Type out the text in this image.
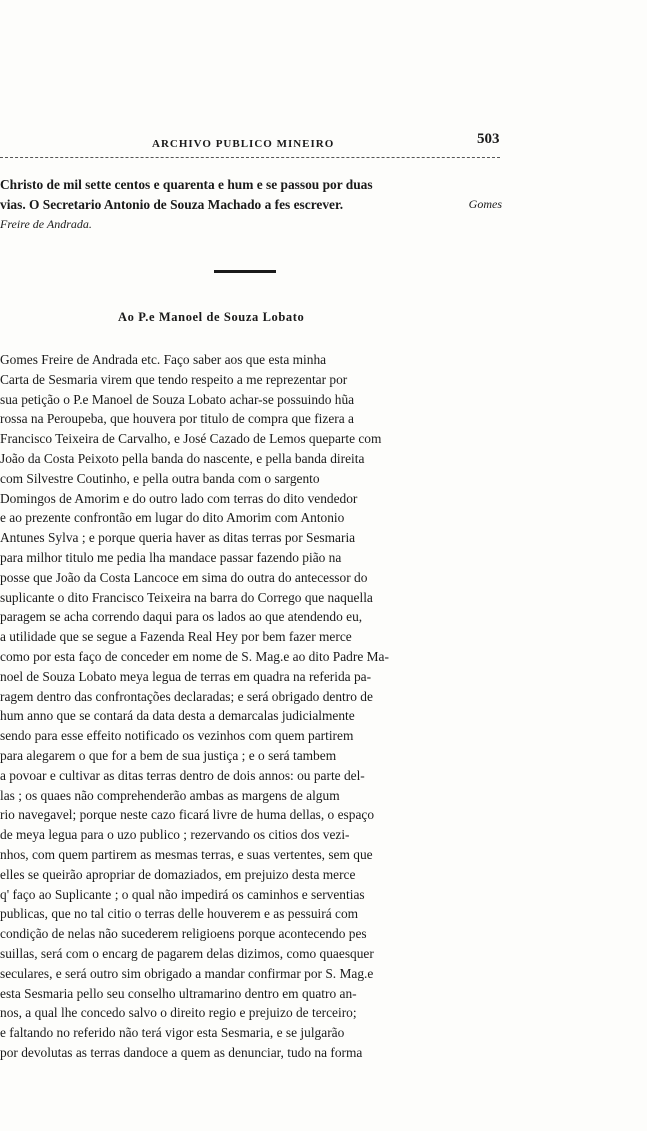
ARCHIVO PUBLICO MINEIRO	503
Christo de mil sette centos e quarenta e hum e se passou por duas
vias. O Secretario Antonio de Souza Machado a fes escrever.	Gomes
Freire de Andrada.
Ao P.e Manoel de Souza Lobato
Gomes Freire de Andrada etc. Faço saber aos que esta minha
Carta de Sesmaria virem que tendo respeito a me reprezentar por
sua petição o P.e Manoel de Souza Lobato achar-se possuindo hũa
rossa na Peroupeba, que houvera por titulo de compra que fizera a
Francisco Teixeira de Carvalho, e José Cazado de Lemos queparte com
João da Costa Peixoto pella banda do nascente, e pella banda direita
com Silvestre Coutinho, e pella outra banda com o sargento
Domingos de Amorim e do outro lado com terras do dito vendedor
e ao prezente confrontão em lugar do dito Amorim com Antonio
Antunes Sylva ; e porque queria haver as ditas terras por Sesmaria
para milhor titulo me pedia lha mandace passar fazendo pião na
posse que João da Costa Lancoce em sima do outra do antecessor do
suplicante o dito Francisco Teixeira na barra do Corrego que naquella
paragem se acha correndo daqui para os lados ao que atendendo eu,
a utilidade que se segue a Fazenda Real Hey por bem fazer merce
como por esta faço de conceder em nome de S. Mag.e ao dito Padre Ma-
noel de Souza Lobato meya legua de terras em quadra na referida pa-
ragem dentro das confrontações declaradas; e será obrigado dentro de
hum anno que se contará da data desta a demarcalas judicialmente
sendo para esse effeito notificado os vezinhos com quem partirem
para alegarem o que for a bem de sua justiça ; e o será tambem
a povoar e cultivar as ditas terras dentro de dois annos: ou parte del-
las ; os quaes não comprehenderão ambas as margens de algum
rio navegavel; porque neste cazo ficará livre de huma dellas, o espaço
de meya legua para o uzo publico ; rezervando os citios dos vezi-
nhos, com quem partirem as mesmas terras, e suas vertentes, sem que
elles se queirão apropriar de domaziados, em prejuizo desta merce
q' faço ao Suplicante ; o qual não impedirá os caminhos e serventias
publicas, que no tal citio o terras delle houverem e as pessuirá com
condição de nelas não sucederem religioens porque acontecendo pes
suillas, será com o encarg de pagarem delas dizimos, como quaesquer
seculares, e será outro sim obrigado a mandar confirmar por S. Mag.e
esta Sesmaria pello seu conselho ultramarino dentro em quatro an-
nos, a qual lhe concedo salvo o direito regio e prejuizo de terceiro;
e faltando no referido não terá vigor esta Sesmaria, e se julgarão
por devolutas as terras dandoce a quem as denunciar, tudo na forma
